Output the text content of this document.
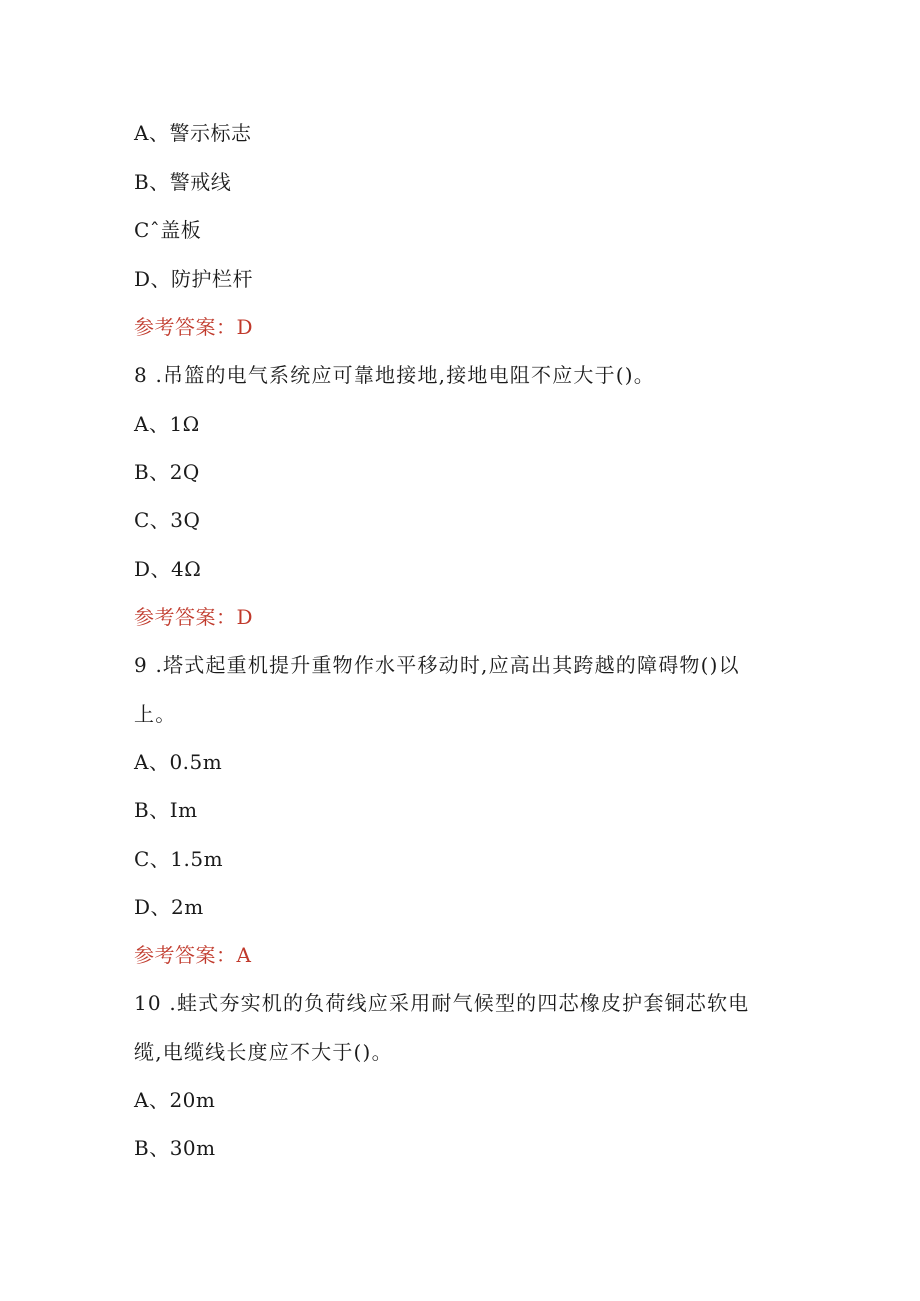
A、警示标志
B、警戒线
Cˆ盖板
D、防护栏杆
参考答案：D
8 .吊篮的电气系统应可靠地接地,接地电阻不应大于()。
A、1Ω
B、2Q
C、3Q
D、4Ω
参考答案：D
9 .塔式起重机提升重物作水平移动时,应高出其跨越的障碍物()以
上。
A、0.5m
B、Im
C、1.5m
D、2m
参考答案：A
10 .蛙式夯实机的负荷线应采用耐气候型的四芯橡皮护套铜芯软电
缆,电缆线长度应不大于()。
A、20m
B、30m
